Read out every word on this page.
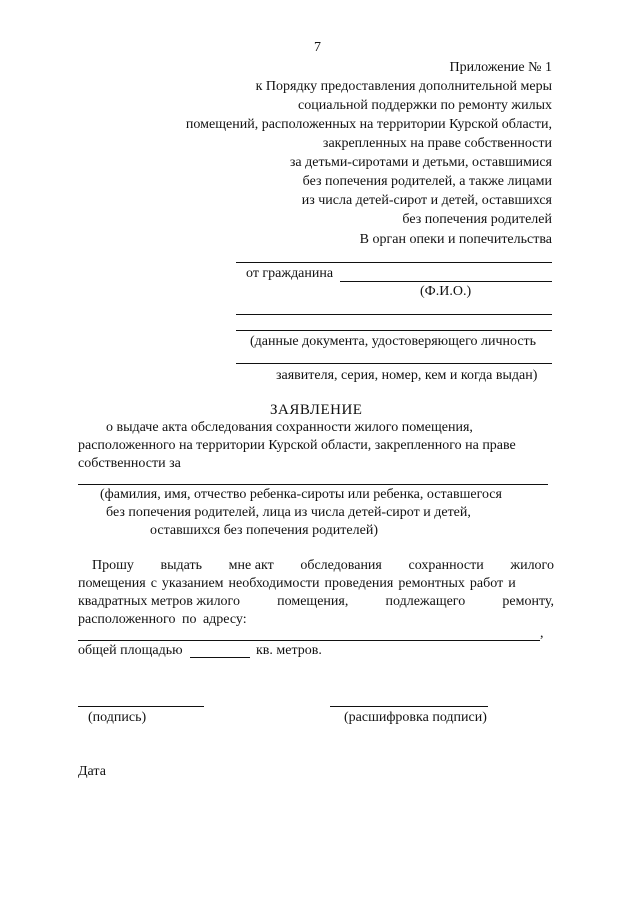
7
Приложение № 1
к Порядку предоставления дополнительной меры
социальной поддержки по ремонту жилых
помещений, расположенных на территории Курской области,
закрепленных на праве собственности
за детьми-сиротами и детьми, оставшимися
без попечения родителей, а также лицами
из числа детей-сирот и детей, оставшихся
без попечения родителей
В орган опеки и попечительства
от гражданина
(Ф.И.О.)
(данные документа, удостоверяющего личность
заявителя, серия, номер, кем и когда выдан)
ЗАЯВЛЕНИЕ
о выдаче акта обследования сохранности жилого помещения,
расположенного на территории Курской области, закрепленного на праве
собственности за
(фамилия, имя, отчество ребенка-сироты или ребенка, оставшегося
без попечения родителей, лица из числа детей-сирот и детей,
оставшихся без попечения родителей)
Прошу выдать мне акт обследования сохранности жилого
помещения с указанием необходимости проведения ремонтных работ и
квадратных метров жилого	помещения,	подлежащего	ремонту,
расположенного по адресу:
,
общей площадью	кв. метров.
(подпись)	(расшифровка подписи)
Дата
